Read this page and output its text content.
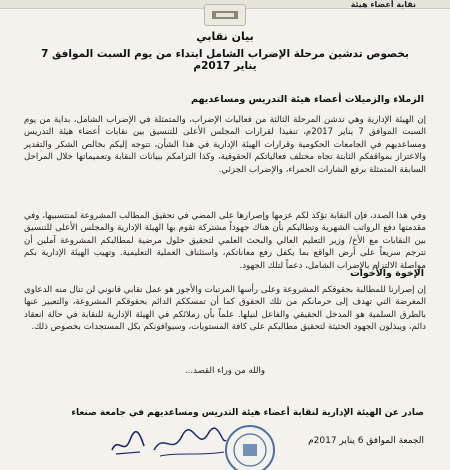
نقابة أعضاء هيئة
بيان نقابي
بخصوص تدشين مرحلة الإضراب الشامل ابتداء من يوم السبت الموافق 7 يناير 2017م
الزملاء والزميلات أعضاء هيئة التدريس ومساعديهم
إن الهيئة الإدارية وهي تدشن المرحلة الثالثة من فعاليات الإضراب، والمتمثلة في الإضراب الشامل، بداية من يوم السبت الموافق 7 يناير 2017م، تنفيذا لقرارات المجلس الأعلى للتنسيق بين نقابات أعضاء هيئة التدريس ومساعديهم في الجامعات الحكومية وقرارات الهيئة الإدارية في هذا الشأن، تتوجه إليكم بخالص الشكر والتقدير والاعتزاز بمواقفكم الثابتة تجاه مختلف فعالياتكم الحقوقية، وكذا التزامكم ببيانات النقابة وتعميماتها خلال المراحل السابقة المتمثلة برفع الشارات الحمراء، والإضراب الجزئي.
وفي هذا الصدد، فإن النقابة تؤكد لكم عزمها وإصرارها على المضي في تحقيق المطالب المشروعة لمنتسبيها، وفي مقدمتها دفع الرواتب الشهرية وتطالبكم بأن هناك جهوداً مشتركة تقوم بها الهيئة الإدارية والمجلس الأعلى للتنسيق بين النقابات مع الأخ/ وزير التعليم العالي والبحث العلمي لتحقيق حلول مرضية لمطالبكم المشروعة آملين أن تترجم سريعاً على أرض الواقع بما يكفل رفع معاناتكم، واستئناف العملية التعليمية. وتهيب الهيئة الإدارية بكم مواصلة الالتزام بالإضراب الشامل، دعماً لتلك الجهود.
الإخوة والأخوات
إن إصرارنا للمطالبة بحقوقكم المشروعة وعلى رأسها المرتبات والأجور هو عمل نقابي قانوني لن تنال منه الدعاوى المغرضة التي تهدف إلى حرمانكم من تلك الحقوق كما أن تمسككم الدائم بحقوقكم المشروعة، والتعبير عنها بالطرق السلمية هو المدخل الحقيقي والفاعل لنيلها. علماً بأن زملائكم في الهيئة الإدارية للنقابة في حالة انعقاد دائم، ويبذلون الجهود الحثيثة لتحقيق مطالبكم على كافة المستويات، وسيوافونكم بكل المستجدات بخصوص ذلك.
والله من وراء القصد...
صادر عن الهيئة الإدارية لنقابة أعضاء هيئة التدريس ومساعديهم في جامعة صنعاء
الجمعة الموافق 6 يناير 2017م
